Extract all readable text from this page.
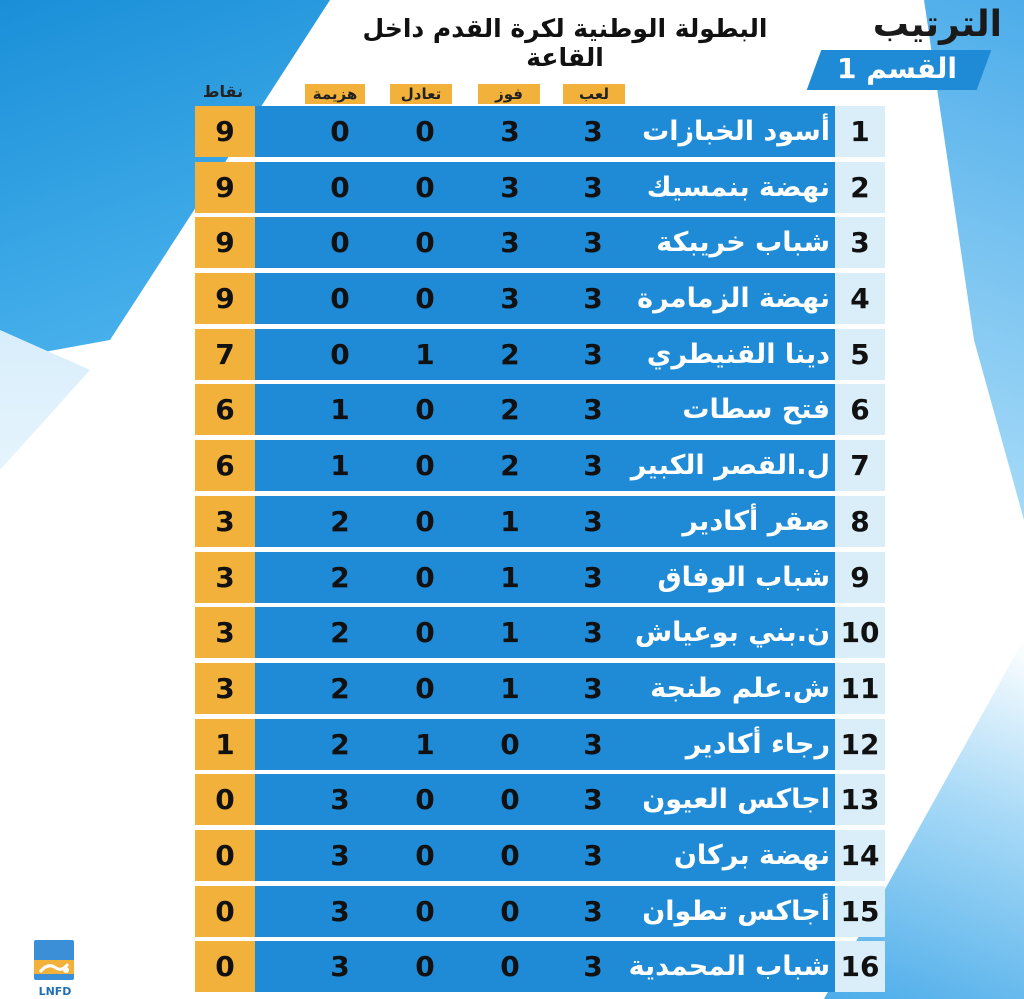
البطولة الوطنية لكرة القدم داخل القاعة
الترتيب
القسم 1
نقاط	هزيمة	تعادل	فوز	لعب
9	0 0 3 3	أسود الخبازات 1
9	0 0 3 3	نهضة بنمسيك 2
9	0 0 3 3	شباب خريبكة 3
9	0 0 3 3	نهضة الزمامرة 4
7	0 1 2 3	دينا القنيطري 5
6	1 0 2 3	فتح سطات 6
6	1 0 2 3	ل.القصر الكبير 7
3	2 0 1 3	صقر أكادير 8
3	2 0 1 3	شباب الوفاق 9
3	2 0 1 3	ن.بني بوعياش 10
3	2 0 1 3	ش.علم طنجة 11
1	2 1 0 3	رجاء أكادير 12
0	3 0 0 3	اجاكس العيون 13
0	3 0 0 3	نهضة بركان 14
0	3 0 0 3	أجاكس تطوان 15
0	3 0 0 3 شباب المحمدية 16
LNFD
